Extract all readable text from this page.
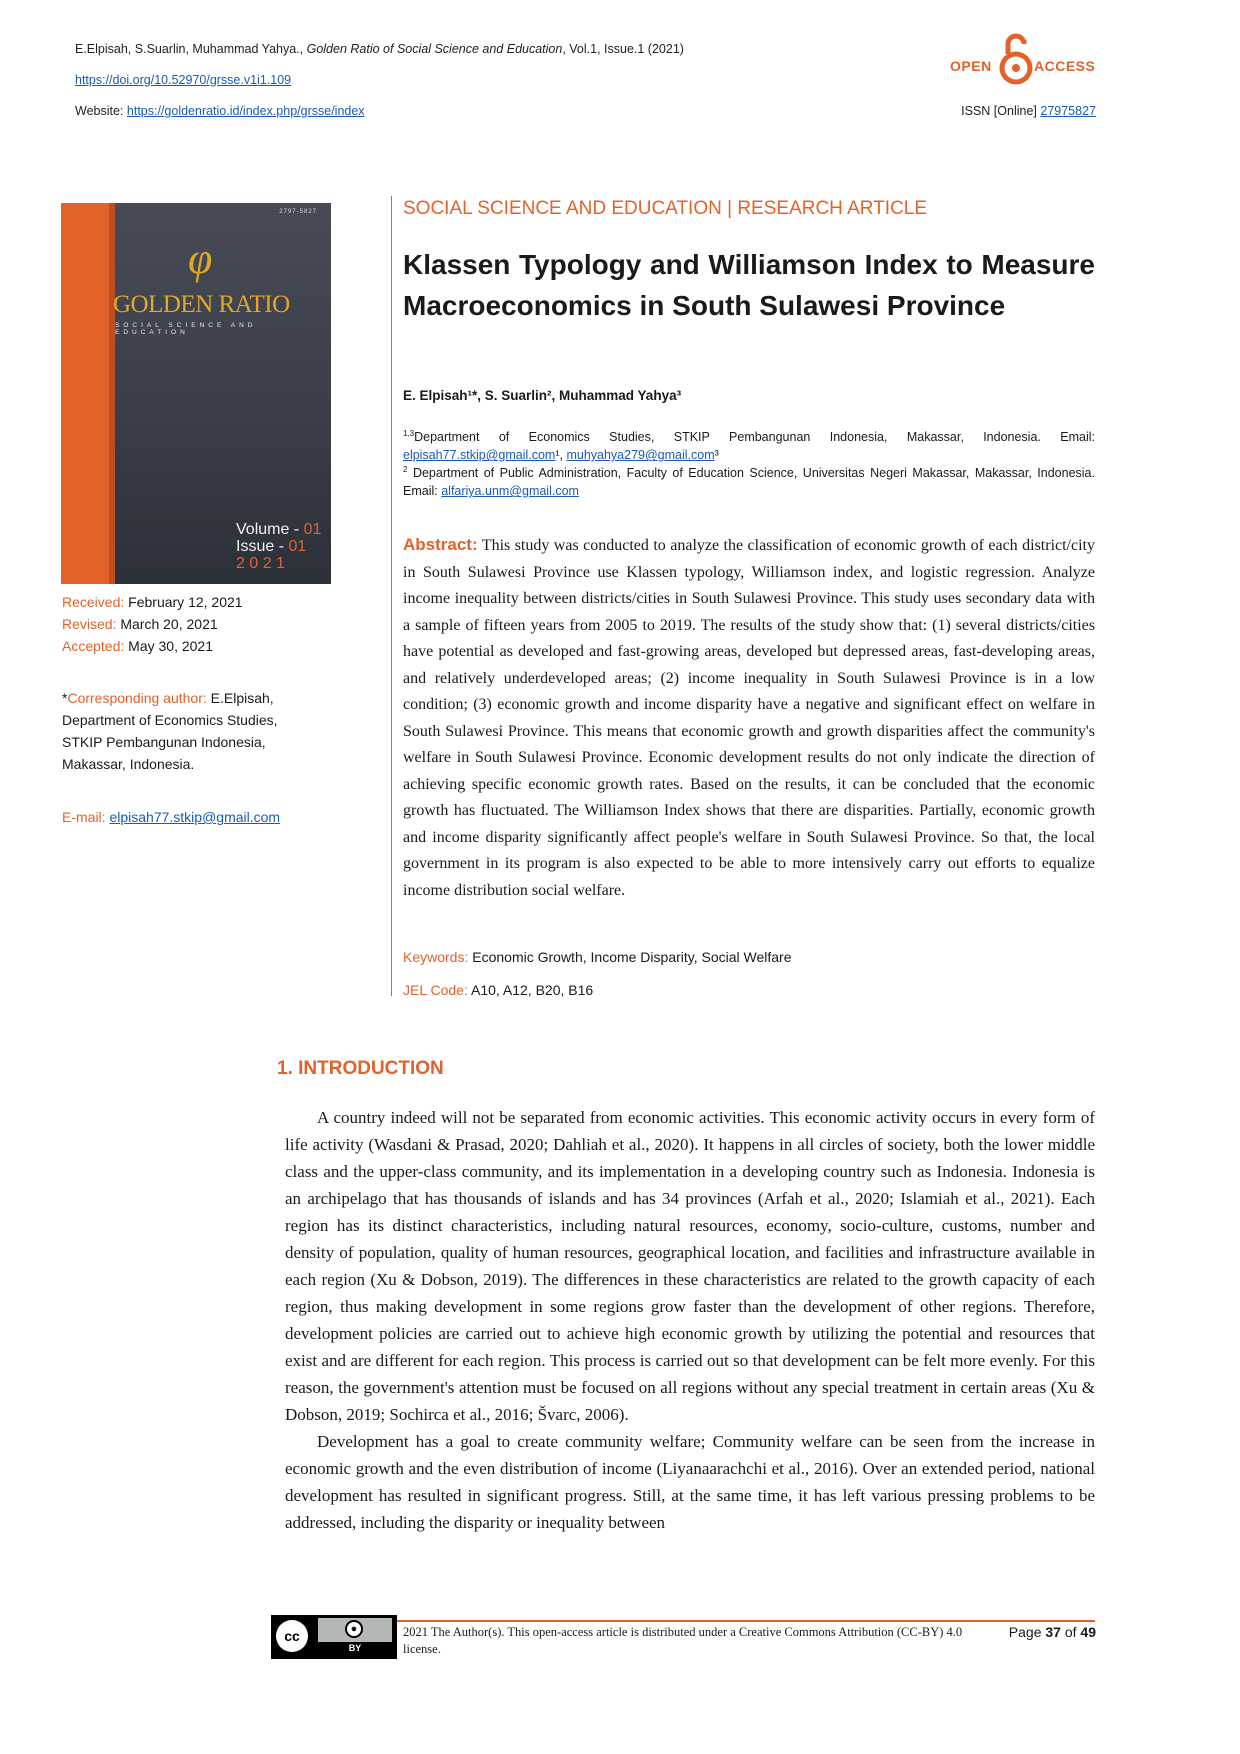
E.Elpisah, S.Suarlin, Muhammad Yahya., Golden Ratio of Social Science and Education, Vol.1, Issue.1 (2021)
https://doi.org/10.52970/grsse.v1i1.109
Website: https://goldenratio.id/index.php/grsse/index	ISSN [Online] 27975827
OPEN	ACCESS
2797-5827
φ
GOLDEN RATIO
SOCIAL SCIENCE AND EDUCATION
Volume - 01
Issue - 01
2 0 2 1
Received: February 12, 2021
Revised: March 20, 2021
Accepted: May 30, 2021
*Corresponding author: E.Elpisah,
Department of Economics Studies,
STKIP Pembangunan Indonesia,
Makassar, Indonesia.
E-mail: elpisah77.stkip@gmail.com
SOCIAL SCIENCE AND EDUCATION | RESEARCH ARTICLE
Klassen Typology and Williamson Index to Measure Macroeconomics in South Sulawesi Province
E. Elpisah¹*, S. Suarlin², Muhammad Yahya³
$^{1,3}$Department of Economics Studies, STKIP Pembangunan Indonesia, Makassar, Indonesia. Email: elpisah77.stkip@gmail.com¹, muhyahya279@gmail.com³
$^2$ Department of Public Administration, Faculty of Education Science, Universitas Negeri Makassar, Makassar, Indonesia. Email: alfariya.unm@gmail.com
Abstract: This study was conducted to analyze the classification of economic growth of each district/city in South Sulawesi Province use Klassen typology, Williamson index, and logistic regression. Analyze income inequality between districts/cities in South Sulawesi Province. This study uses secondary data with a sample of fifteen years from 2005 to 2019. The results of the study show that: (1) several districts/cities have potential as developed and fast-growing areas, developed but depressed areas, fast-developing areas, and relatively underdeveloped areas; (2) income inequality in South Sulawesi Province is in a low condition; (3) economic growth and income disparity have a negative and significant effect on welfare in South Sulawesi Province. This means that economic growth and growth disparities affect the community's welfare in South Sulawesi Province. Economic development results do not only indicate the direction of achieving specific economic growth rates. Based on the results, it can be concluded that the economic growth has fluctuated. The Williamson Index shows that there are disparities. Partially, economic growth and income disparity significantly affect people's welfare in South Sulawesi Province. So that, the local government in its program is also expected to be able to more intensively carry out efforts to equalize income distribution social welfare.
Keywords: Economic Growth, Income Disparity, Social Welfare
JEL Code: A10, A12, B20, B16
1. INTRODUCTION

A country indeed will not be separated from economic activities. This economic activity occurs in every form of life activity (Wasdani & Prasad, 2020; Dahliah et al., 2020). It happens in all circles of society, both the lower middle class and the upper-class community, and its implementation in a developing country such as Indonesia. Indonesia is an archipelago that has thousands of islands and has 34 provinces (Arfah et al., 2020; Islamiah et al., 2021). Each region has its distinct characteristics, including natural resources, economy, socio-culture, customs, number and density of population, quality of human resources, geographical location, and facilities and infrastructure available in each region (Xu & Dobson, 2019). The differences in these characteristics are related to the growth capacity of each region, thus making development in some regions grow faster than the development of other regions. Therefore, development policies are carried out to achieve high economic growth by utilizing the potential and resources that exist and are different for each region. This process is carried out so that development can be felt more evenly. For this reason, the government's attention must be focused on all regions without any special treatment in certain areas (Xu & Dobson, 2019; Sochirca et al., 2016; Švarc, 2006).

Development has a goal to create community welfare; Community welfare can be seen from the increase in economic growth and the even distribution of income (Liyanaarachchi et al., 2016). Over an extended period, national development has resulted in significant progress. Still, at the same time, it has left various pressing problems to be addressed, including the disparity or inequality between

cc	●
BY
2021 The Author(s). This open-access article is distributed under a Creative Commons Attribution (CC-BY) 4.0 license.
Page 37 of 49
